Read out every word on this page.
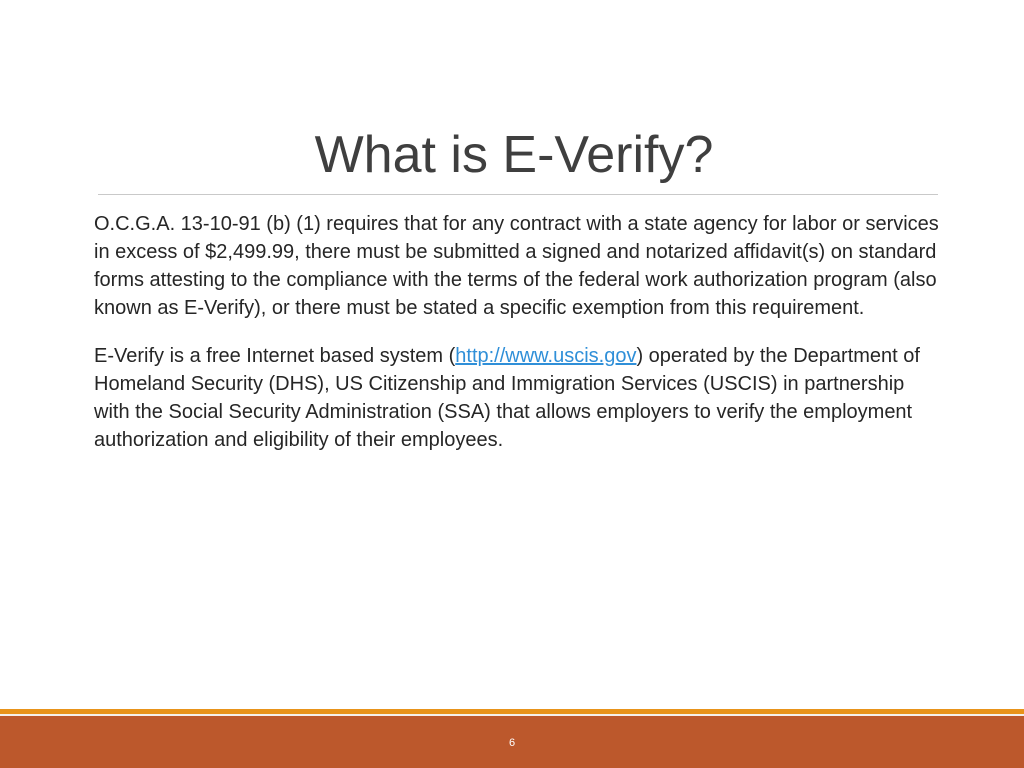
What is E-Verify?

O.C.G.A. 13-10-91 (b) (1) requires that for any contract with a state agency for labor or services in excess of $2,499.99, there must be submitted a signed and notarized affidavit(s) on standard forms attesting to the compliance with the terms of the federal work authorization program (also known as E-Verify), or there must be stated a specific exemption from this requirement.

E-Verify is a free Internet based system (http://www.uscis.gov) operated by the Department of Homeland Security (DHS), US Citizenship and Immigration Services (USCIS) in partnership with the Social Security Administration (SSA) that allows employers to verify the employment authorization and eligibility of their employees.

6
